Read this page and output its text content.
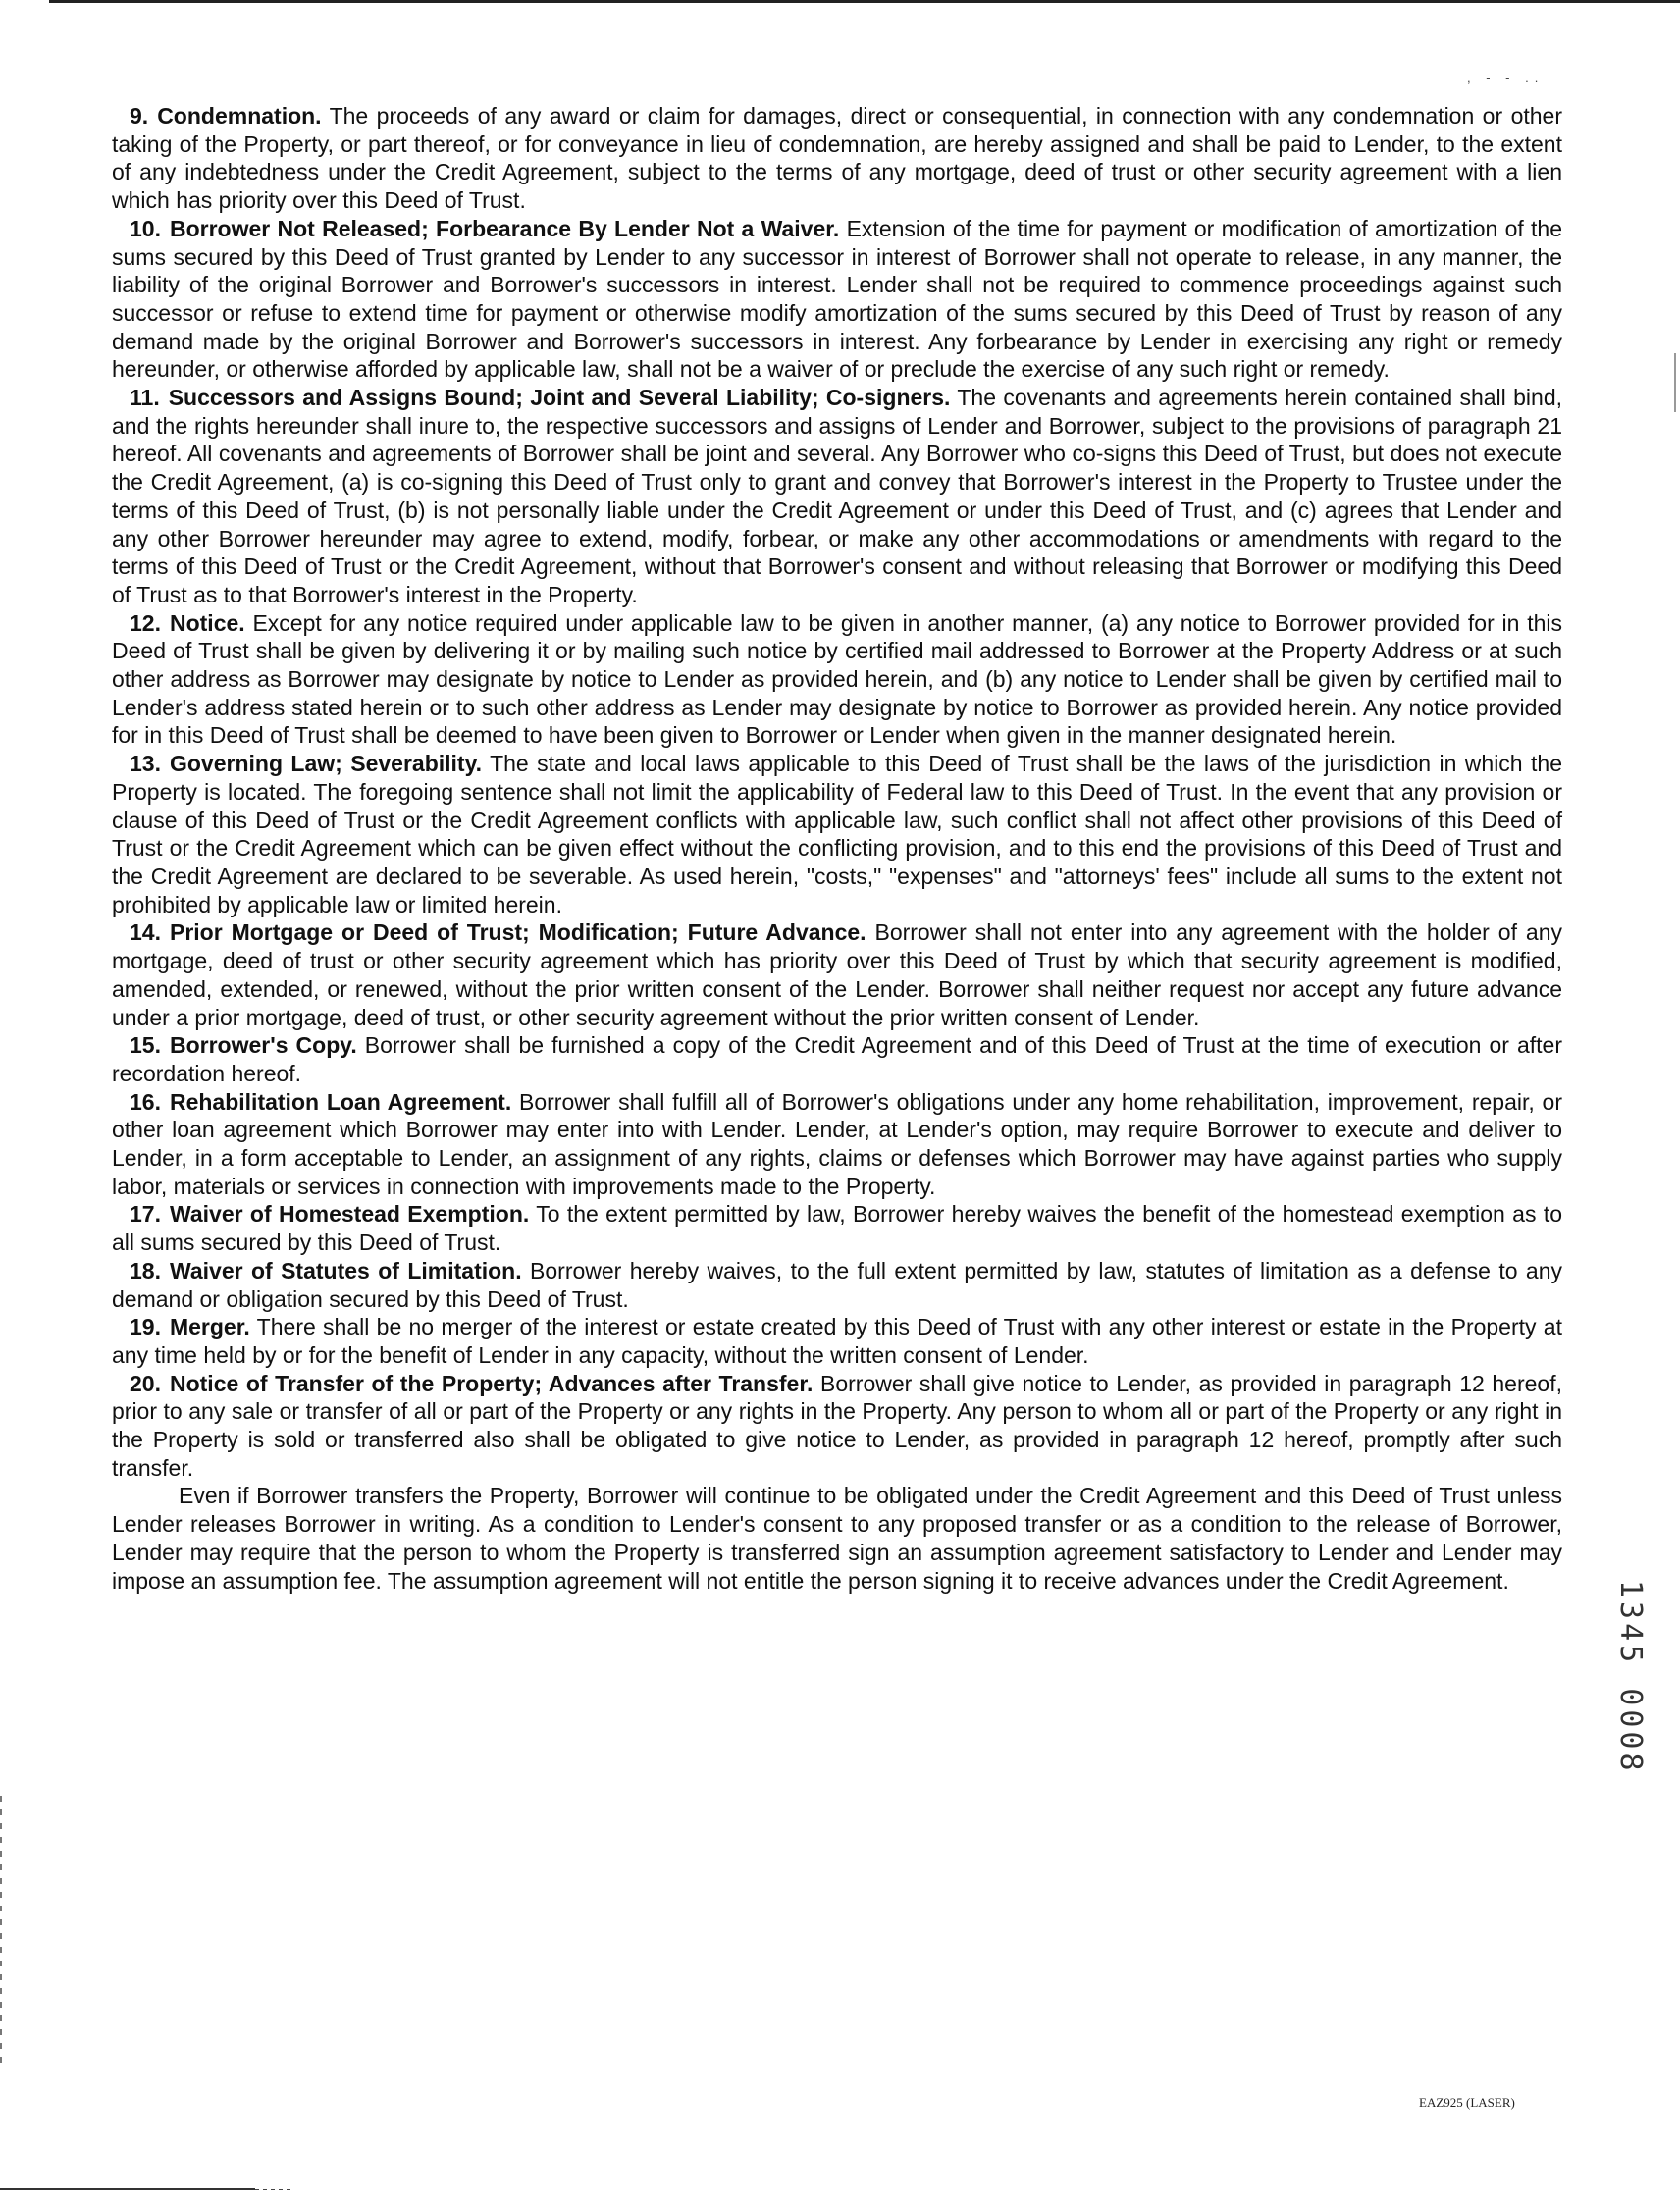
, - - ..

9. Condemnation. The proceeds of any award or claim for damages, direct or consequential, in connection with any condemnation or other taking of the Property, or part thereof, or for conveyance in lieu of condemnation, are hereby assigned and shall be paid to Lender, to the extent of any indebtedness under the Credit Agreement, subject to the terms of any mortgage, deed of trust or other security agreement with a lien which has priority over this Deed of Trust.

10. Borrower Not Released; Forbearance By Lender Not a Waiver. Extension of the time for payment or modification of amortization of the sums secured by this Deed of Trust granted by Lender to any successor in interest of Borrower shall not operate to release, in any manner, the liability of the original Borrower and Borrower's successors in interest. Lender shall not be required to commence proceedings against such successor or refuse to extend time for payment or otherwise modify amortization of the sums secured by this Deed of Trust by reason of any demand made by the original Borrower and Borrower's successors in interest. Any forbearance by Lender in exercising any right or remedy hereunder, or otherwise afforded by applicable law, shall not be a waiver of or preclude the exercise of any such right or remedy.

11. Successors and Assigns Bound; Joint and Several Liability; Co-signers. The covenants and agreements herein contained shall bind, and the rights hereunder shall inure to, the respective successors and assigns of Lender and Borrower, subject to the provisions of paragraph 21 hereof. All covenants and agreements of Borrower shall be joint and several. Any Borrower who co-signs this Deed of Trust, but does not execute the Credit Agreement, (a) is co-signing this Deed of Trust only to grant and convey that Borrower's interest in the Property to Trustee under the terms of this Deed of Trust, (b) is not personally liable under the Credit Agreement or under this Deed of Trust, and (c) agrees that Lender and any other Borrower hereunder may agree to extend, modify, forbear, or make any other accommodations or amendments with regard to the terms of this Deed of Trust or the Credit Agreement, without that Borrower's consent and without releasing that Borrower or modifying this Deed of Trust as to that Borrower's interest in the Property.

12. Notice. Except for any notice required under applicable law to be given in another manner, (a) any notice to Borrower provided for in this Deed of Trust shall be given by delivering it or by mailing such notice by certified mail addressed to Borrower at the Property Address or at such other address as Borrower may designate by notice to Lender as provided herein, and (b) any notice to Lender shall be given by certified mail to Lender's address stated herein or to such other address as Lender may designate by notice to Borrower as provided herein. Any notice provided for in this Deed of Trust shall be deemed to have been given to Borrower or Lender when given in the manner designated herein.

13. Governing Law; Severability. The state and local laws applicable to this Deed of Trust shall be the laws of the jurisdiction in which the Property is located. The foregoing sentence shall not limit the applicability of Federal law to this Deed of Trust. In the event that any provision or clause of this Deed of Trust or the Credit Agreement conflicts with applicable law, such conflict shall not affect other provisions of this Deed of Trust or the Credit Agreement which can be given effect without the conflicting provision, and to this end the provisions of this Deed of Trust and the Credit Agreement are declared to be severable. As used herein, "costs," "expenses" and "attorneys' fees" include all sums to the extent not prohibited by applicable law or limited herein.

14. Prior Mortgage or Deed of Trust; Modification; Future Advance. Borrower shall not enter into any agreement with the holder of any mortgage, deed of trust or other security agreement which has priority over this Deed of Trust by which that security agreement is modified, amended, extended, or renewed, without the prior written consent of the Lender. Borrower shall neither request nor accept any future advance under a prior mortgage, deed of trust, or other security agreement without the prior written consent of Lender.

15. Borrower's Copy. Borrower shall be furnished a copy of the Credit Agreement and of this Deed of Trust at the time of execution or after recordation hereof.

16. Rehabilitation Loan Agreement. Borrower shall fulfill all of Borrower's obligations under any home rehabilitation, improvement, repair, or other loan agreement which Borrower may enter into with Lender. Lender, at Lender's option, may require Borrower to execute and deliver to Lender, in a form acceptable to Lender, an assignment of any rights, claims or defenses which Borrower may have against parties who supply labor, materials or services in connection with improvements made to the Property.

17. Waiver of Homestead Exemption. To the extent permitted by law, Borrower hereby waives the benefit of the homestead exemption as to all sums secured by this Deed of Trust.

18. Waiver of Statutes of Limitation. Borrower hereby waives, to the full extent permitted by law, statutes of limitation as a defense to any demand or obligation secured by this Deed of Trust.

19. Merger. There shall be no merger of the interest or estate created by this Deed of Trust with any other interest or estate in the Property at any time held by or for the benefit of Lender in any capacity, without the written consent of Lender.

20. Notice of Transfer of the Property; Advances after Transfer. Borrower shall give notice to Lender, as provided in paragraph 12 hereof, prior to any sale or transfer of all or part of the Property or any rights in the Property. Any person to whom all or part of the Property or any right in the Property is sold or transferred also shall be obligated to give notice to Lender, as provided in paragraph 12 hereof, promptly after such transfer.

Even if Borrower transfers the Property, Borrower will continue to be obligated under the Credit Agreement and this Deed of Trust unless Lender releases Borrower in writing. As a condition to Lender's consent to any proposed transfer or as a condition to the release of Borrower, Lender may require that the person to whom the Property is transferred sign an assumption agreement satisfactory to Lender and Lender may impose an assumption fee. The assumption agreement will not entitle the person signing it to receive advances under the Credit Agreement.	1345 0008
EAZ925 (LASER)
